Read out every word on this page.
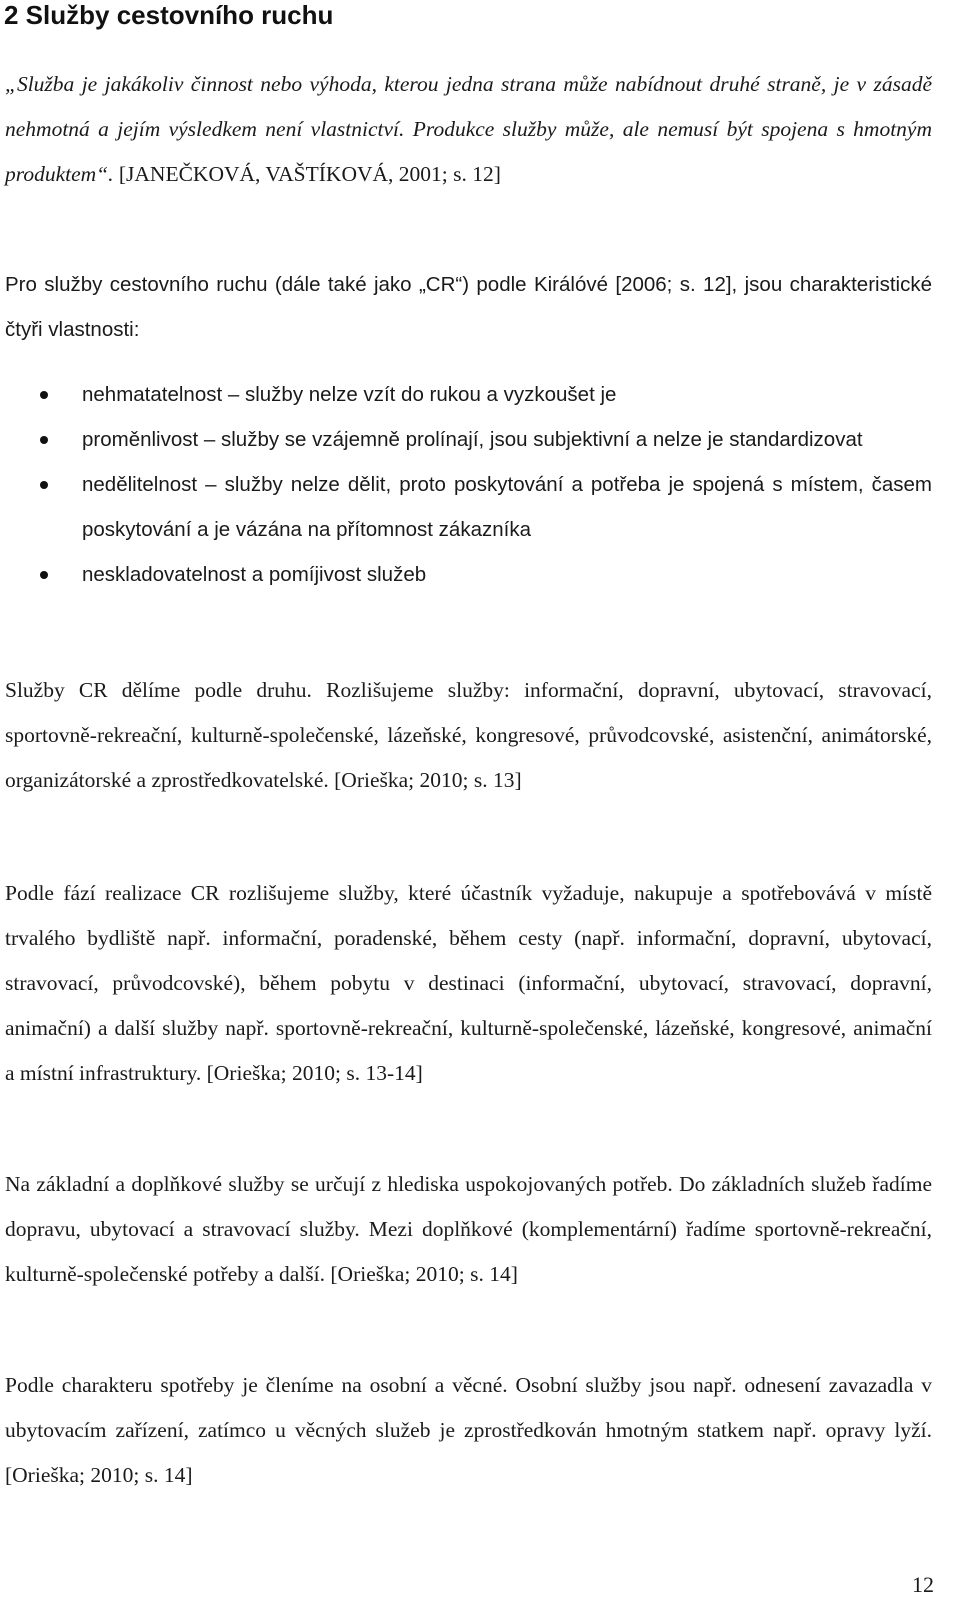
2 Služby cestovního ruchu

„Služba je jakákoliv činnost nebo výhoda, kterou jedna strana může nabídnout druhé straně, je v zásadě nehmotná a jejím výsledkem není vlastnictví. Produkce služby může, ale nemusí být spojena s hmotným produktem“. [JANEČKOVÁ, VAŠTÍKOVÁ, 2001; s. 12]

Pro služby cestovního ruchu (dále také jako „CR“) podle Királóvé [2006; s. 12], jsou charakteristické čtyři vlastnosti:

nehmatatelnost – služby nelze vzít do rukou a vyzkoušet je
proměnlivost – služby se vzájemně prolínají, jsou subjektivní a nelze je standardizovat
nedělitelnost – služby nelze dělit, proto poskytování a potřeba je spojená s místem, časem poskytování a je vázána na přítomnost zákazníka
neskladovatelnost a pomíjivost služeb

Služby CR dělíme podle druhu. Rozlišujeme služby: informační, dopravní, ubytovací, stravovací, sportovně-rekreační, kulturně-společenské, lázeňské, kongresové, průvodcovské, asistenční, animátorské, organizátorské a zprostředkovatelské. [Orieška; 2010; s. 13]

Podle fází realizace CR rozlišujeme služby, které účastník vyžaduje, nakupuje a spotřebovává v místě trvalého bydliště např. informační, poradenské, během cesty (např. informační, dopravní, ubytovací, stravovací, průvodcovské), během pobytu v destinaci (informační, ubytovací, stravovací, dopravní, animační) a další služby např. sportovně-rekreační, kulturně-společenské, lázeňské, kongresové, animační a místní infrastruktury. [Orieška; 2010; s. 13-14]

Na základní a doplňkové služby se určují z hlediska uspokojovaných potřeb. Do základních služeb řadíme dopravu, ubytovací a stravovací služby. Mezi doplňkové (komplementární) řadíme sportovně-rekreační, kulturně-společenské potřeby a další. [Orieška; 2010; s. 14]

Podle charakteru spotřeby je členíme na osobní a věcné. Osobní služby jsou např. odnesení zavazadla v ubytovacím zařízení, zatímco u věcných služeb je zprostředkován hmotným statkem např. opravy lyží. [Orieška; 2010; s. 14]

12
